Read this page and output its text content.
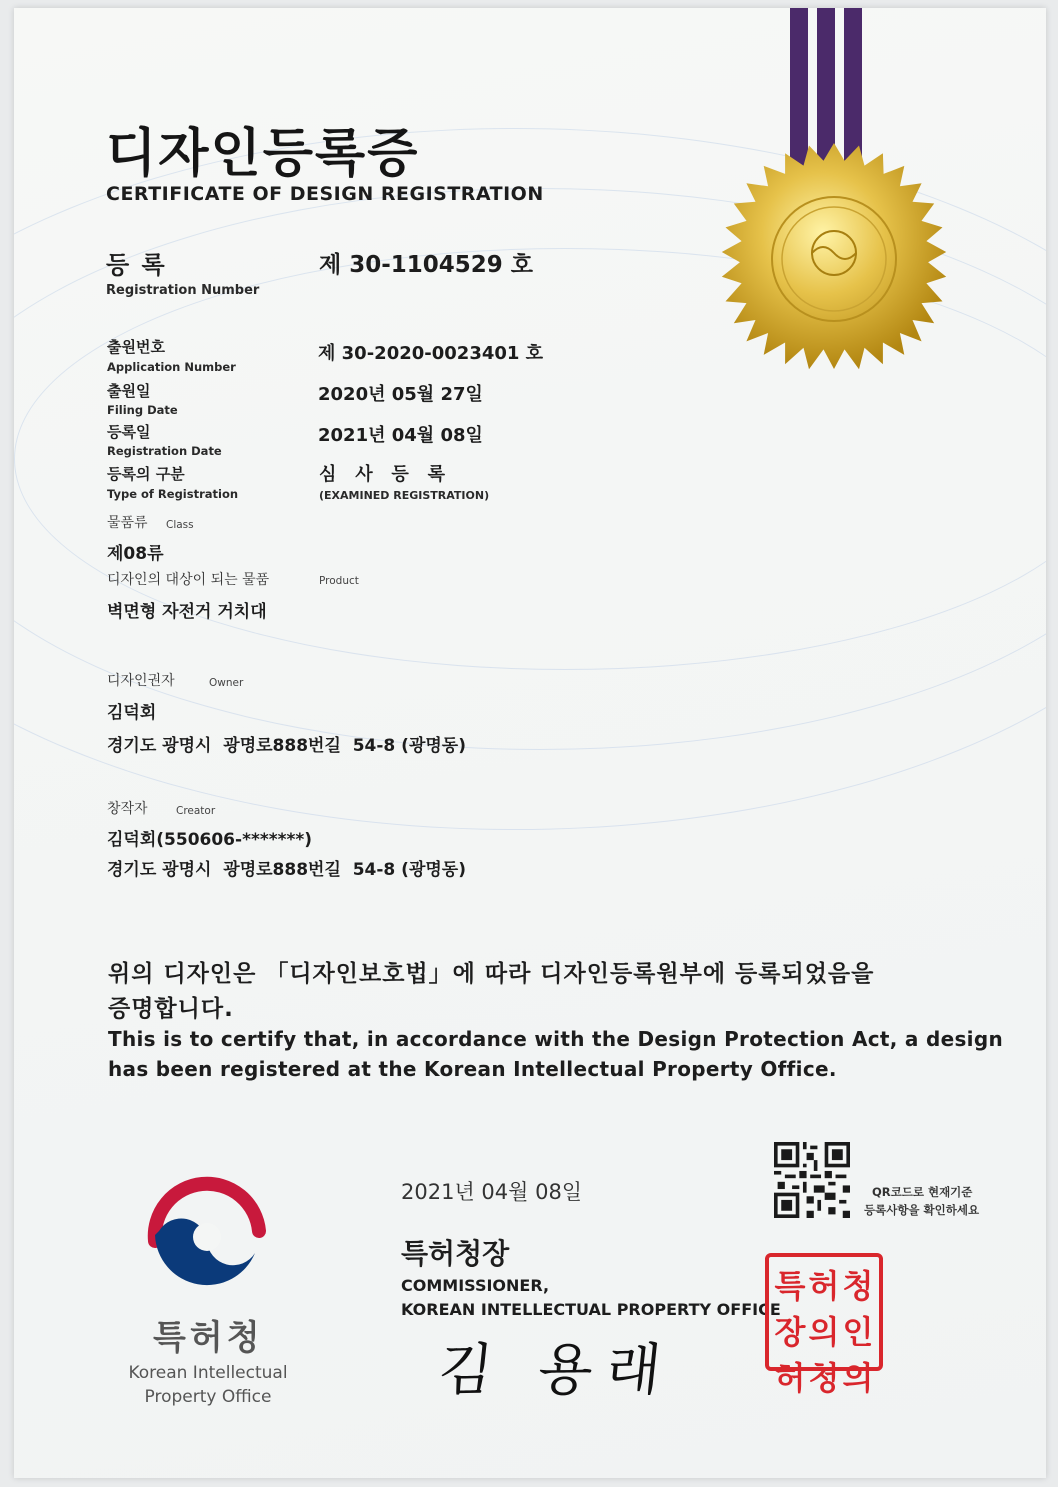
디자인등록증
CERTIFICATE OF DESIGN REGISTRATION
등 록
Registration Number
제 30-1104529 호
출원번호
Application Number
제 30-2020-0023401 호
출원일
Filing Date
2020년 05월 27일
등록일
Registration Date
2021년 04월 08일
등록의 구분
Type of Registration
심   사   등   록
(EXAMINED REGISTRATION)
물품류 Class
제08류
디자인의 대상이 되는 물품	Product
벽면형 자전거 거치대
디자인권자	Owner
김덕회
경기도 광명시  광명로888번길  54-8 (광명동)
창작자	Creator
김덕회(550606-*******)
경기도 광명시  광명로888번길  54-8 (광명동)
위의 디자인은 「디자인보호법」에 따라 디자인등록원부에 등록되었음을
증명합니다.
This is to certify that, in accordance with the Design Protection Act, a design
has been registered at the Korean Intellectual Property Office.
특허청
Korean Intellectual
Property Office
2021년 04월 08일	QR코드로 현재기준
등록사항을 확인하세요
특허청장
COMMISSIONER,
KOREAN INTELLECTUAL PROPERTY OFFICE
김 용래
특 허 청
장 의 인
허 청 의
